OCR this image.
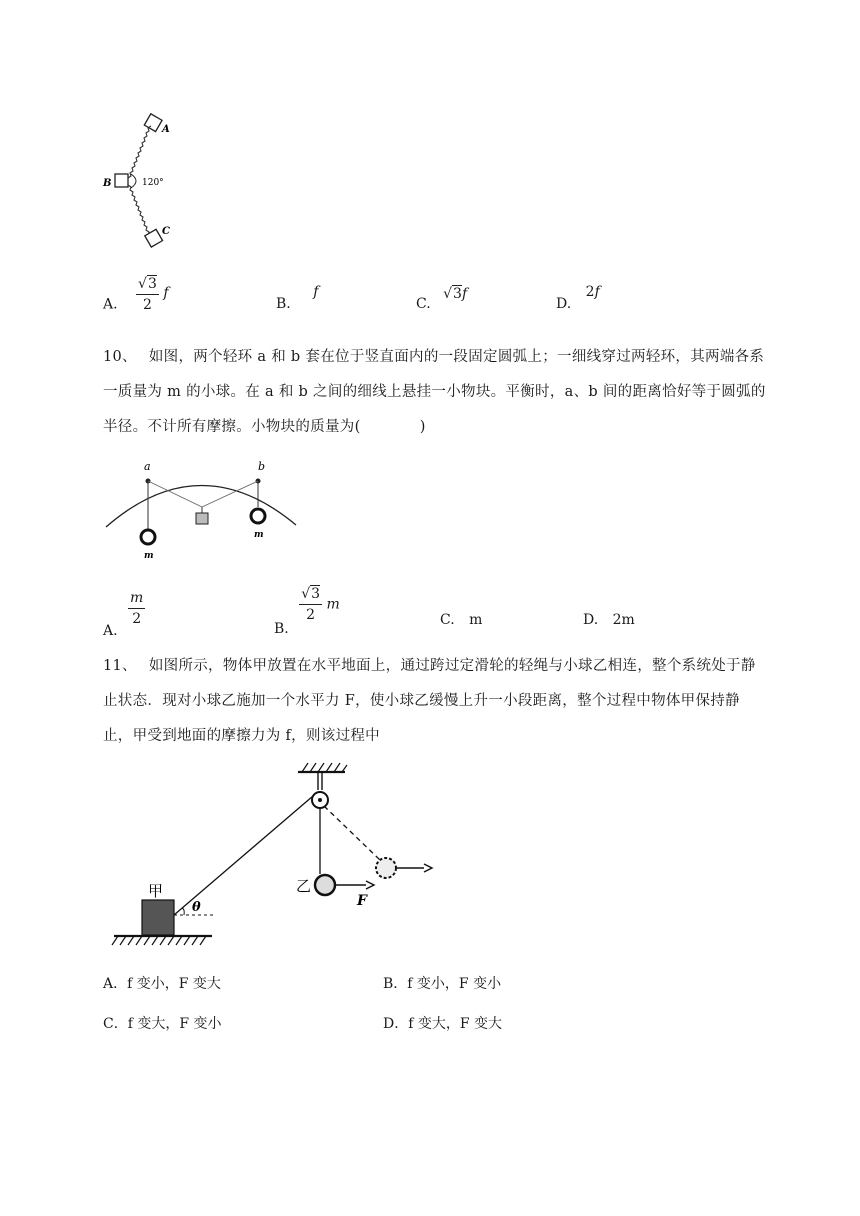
A
B
C
120°
A. $\frac{√3}{2}$ f
B. f
C. √3f
D. 2f
10、 如图，两个轻环 a 和 b 套在位于竖直面内的一段固定圆弧上；一细线穿过两轻环，其两端各系
一质量为 m 的小球。在 a 和 b 之间的细线上悬挂一小物块。平衡时，a、b 间的距离恰好等于圆弧的
半径。不计所有摩擦。小物块的质量为(　　　　)
a	b
m
m
A.
$\frac{m}{2}$	B.
$\frac{√3}{2}$ m
C. m	D. 2m
11、 如图所示，物体甲放置在水平地面上，通过跨过定滑轮的轻绳与小球乙相连，整个系统处于静
止状态．现对小球乙施加一个水平力 F，使小球乙缓慢上升一小段距离，整个过程中物体甲保持静
止，甲受到地面的摩擦力为 f，则该过程中
甲	乙
θ	F
A．f 变小，F 变大	B．f 变小，F 变小
C．f 变大，F 变小	D．f 变大，F 变大
